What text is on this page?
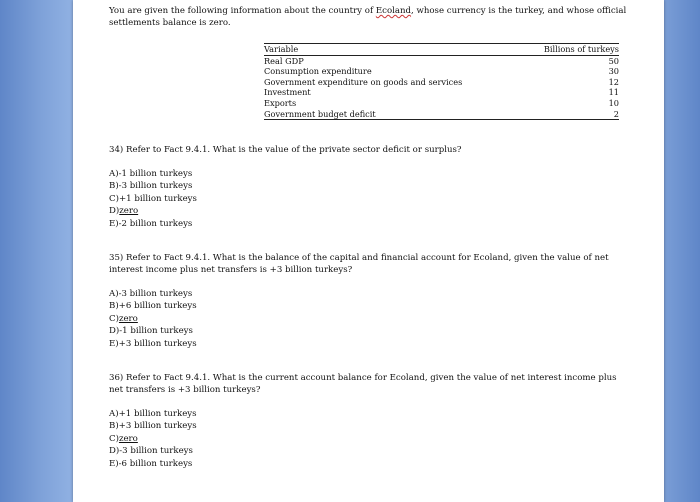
You are given the following information about the country of Ecoland, whose currency is the turkey, and whose official settlements balance is zero.

Variable	Billions of turkeys
Real GDP	50
Consumption expenditure	30
Government expenditure on goods and services	12
Investment	11
Exports	10
Government budget deficit	2

34) Refer to Fact 9.4.1. What is the value of the private sector deficit or surplus?

A)-1 billion turkeys

B)-3 billion turkeys

C)+1 billion turkeys

D)zero

E)-2 billion turkeys

35) Refer to Fact 9.4.1. What is the balance of the capital and financial account for Ecoland, given the value of net interest income plus net transfers is +3 billion turkeys?

A)-3 billion turkeys

B)+6 billion turkeys

C)zero

D)-1 billion turkeys

E)+3 billion turkeys

36) Refer to Fact 9.4.1. What is the current account balance for Ecoland, given the value of net interest income plus net transfers is +3 billion turkeys?

A)+1 billion turkeys

B)+3 billion turkeys

C)zero

D)-3 billion turkeys

E)-6 billion turkeys
